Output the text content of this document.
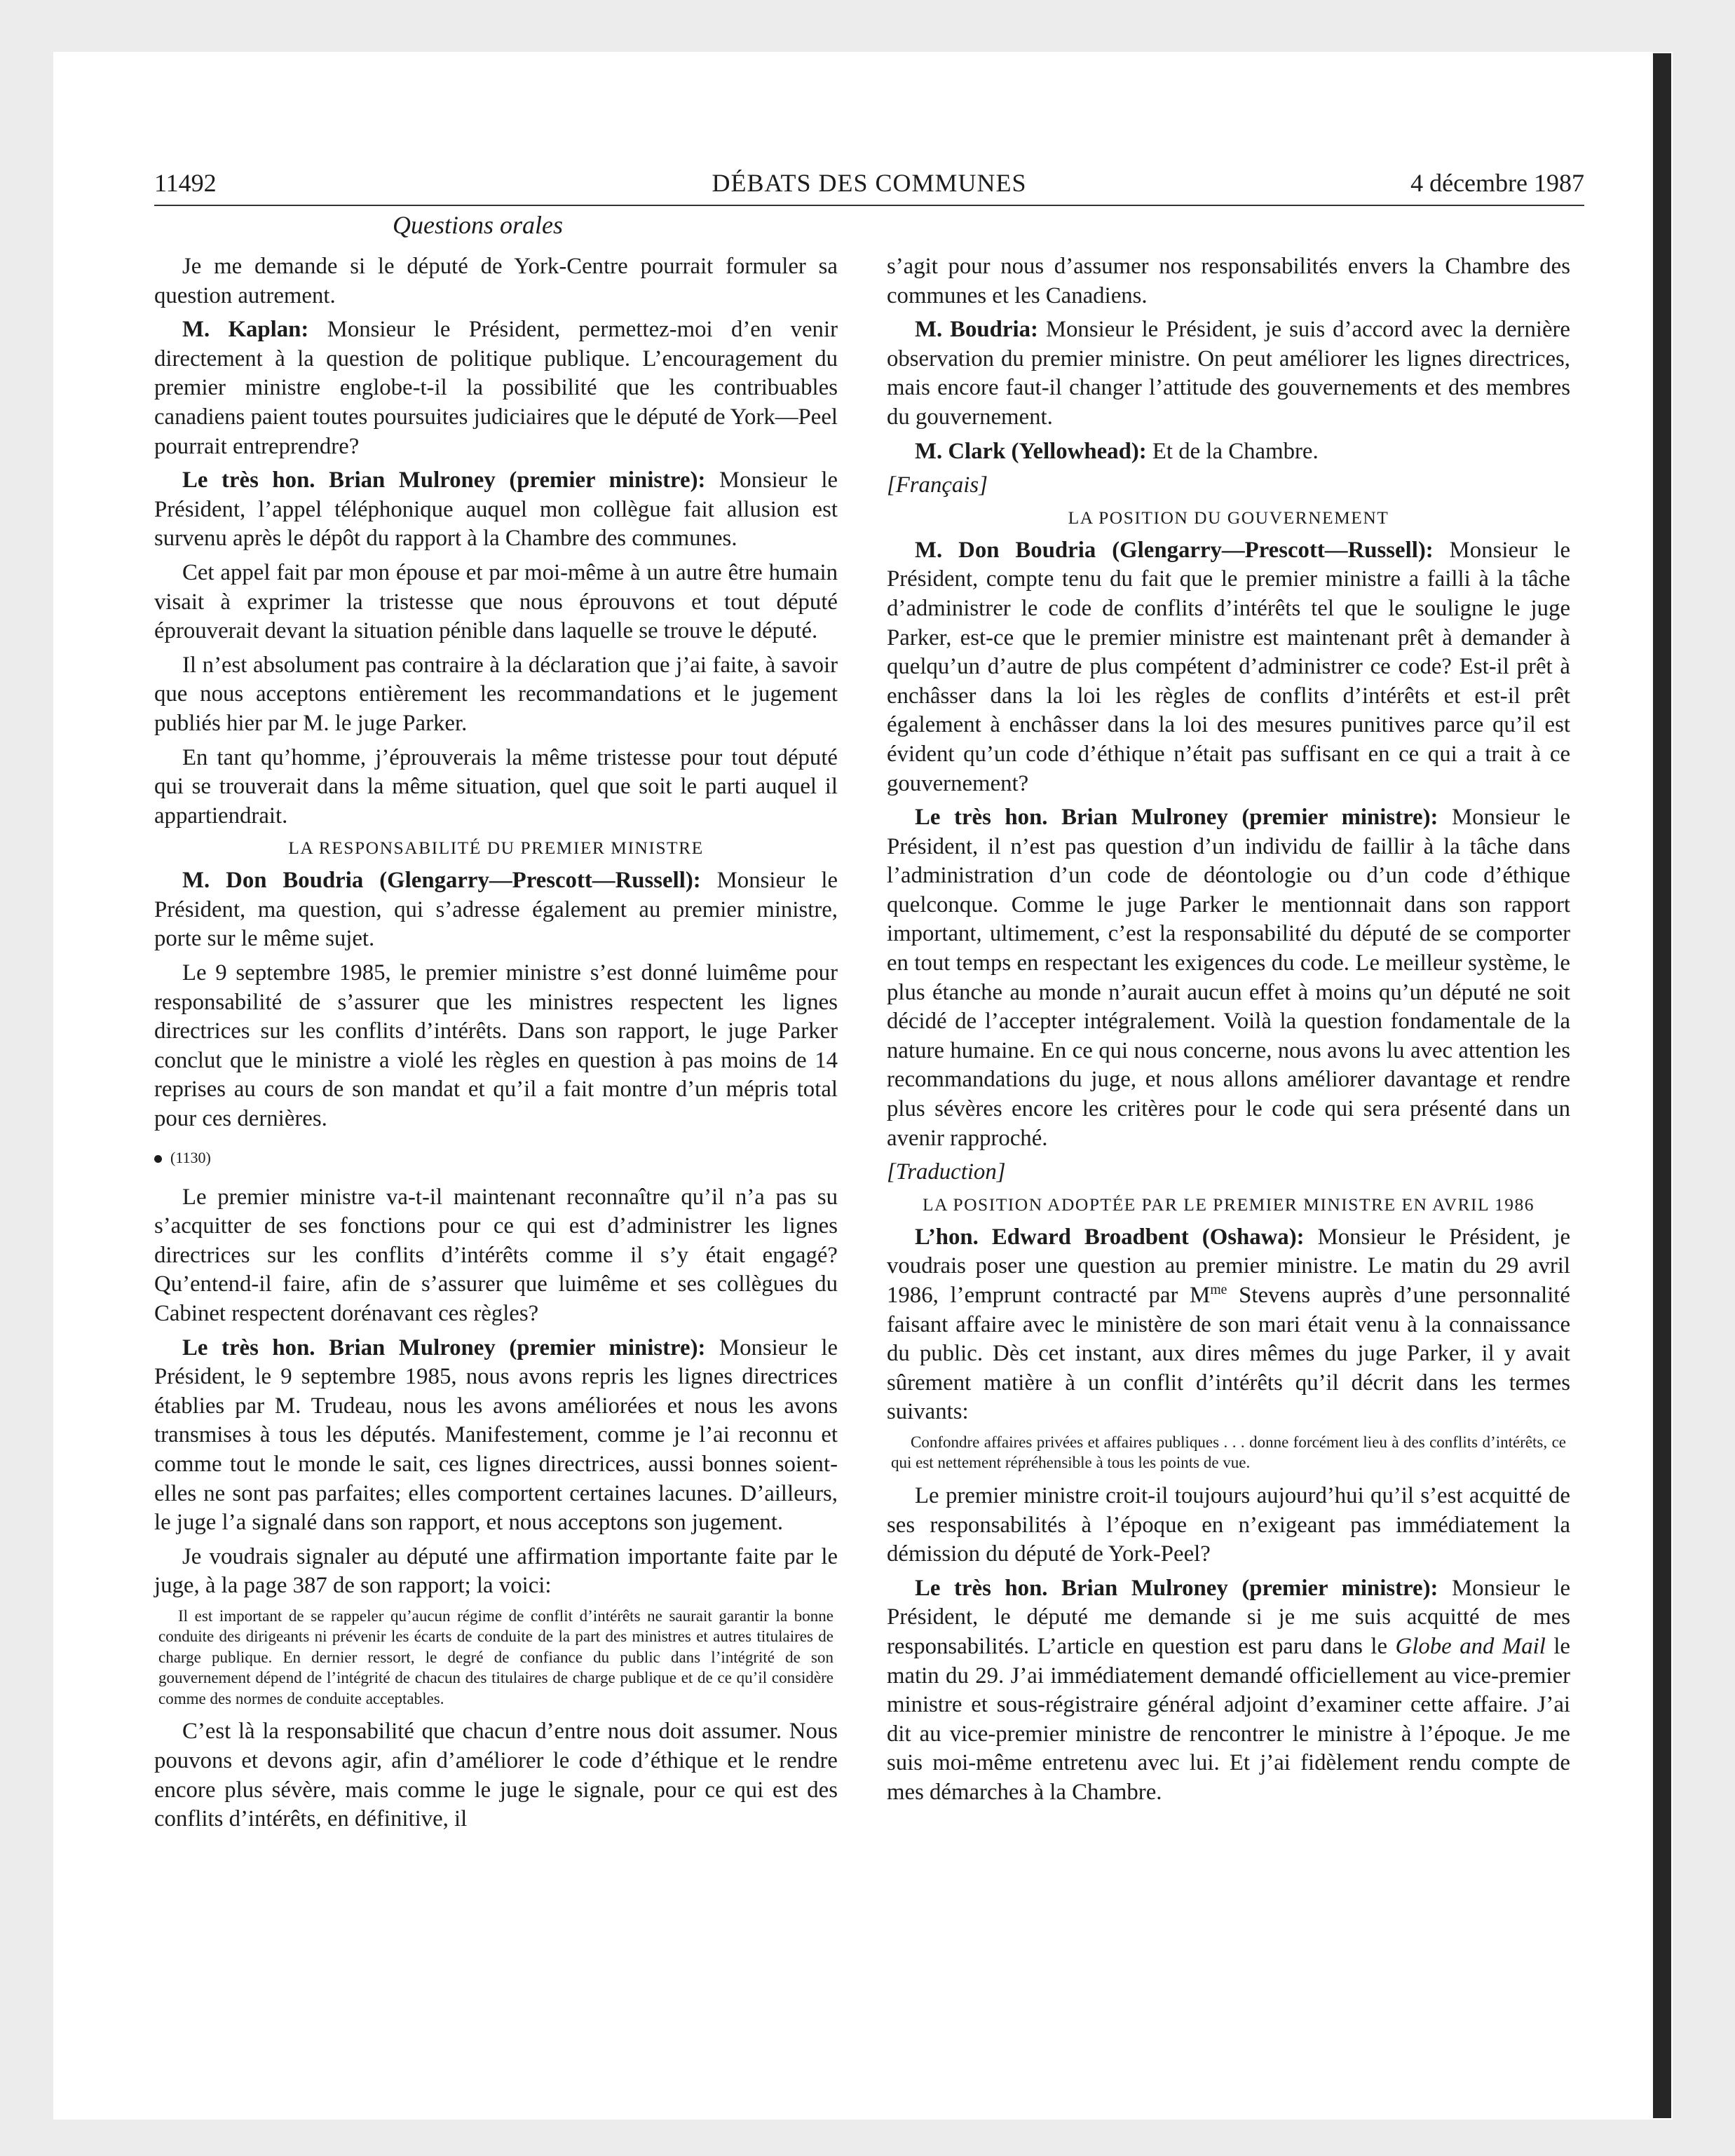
11492	DÉBATS DES COMMUNES	4 décembre 1987
Questions orales

Je me demande si le député de York-Centre pourrait formuler sa question autrement.

M. Kaplan: Monsieur le Président, permettez-moi d’en venir directement à la question de politique publique. L’encouragement du premier ministre englobe-t-il la possibilité que les contribuables canadiens paient toutes poursuites judiciaires que le député de York—Peel pourrait entreprendre?

Le très hon. Brian Mulroney (premier ministre): Monsieur le Président, l’appel téléphonique auquel mon collègue fait allusion est survenu après le dépôt du rapport à la Chambre des communes.

Cet appel fait par mon épouse et par moi-même à un autre être humain visait à exprimer la tristesse que nous éprouvons et tout député éprouverait devant la situation pénible dans laquelle se trouve le député.

Il n’est absolument pas contraire à la déclaration que j’ai faite, à savoir que nous acceptons entièrement les recommandations et le jugement publiés hier par M. le juge Parker.

En tant qu’homme, j’éprouverais la même tristesse pour tout député qui se trouverait dans la même situation, quel que soit le parti auquel il appartiendrait.

LA RESPONSABILITÉ DU PREMIER MINISTRE

M. Don Boudria (Glengarry—Prescott—Russell): Monsieur le Président, ma question, qui s’adresse également au premier ministre, porte sur le même sujet.

Le 9 septembre 1985, le premier ministre s’est donné luimême pour responsabilité de s’assurer que les ministres respectent les lignes directrices sur les conflits d’intérêts. Dans son rapport, le juge Parker conclut que le ministre a violé les règles en question à pas moins de 14 reprises au cours de son mandat et qu’il a fait montre d’un mépris total pour ces dernières.

(1130)

Le premier ministre va-t-il maintenant reconnaître qu’il n’a pas su s’acquitter de ses fonctions pour ce qui est d’administrer les lignes directrices sur les conflits d’intérêts comme il s’y était engagé? Qu’entend-il faire, afin de s’assurer que luimême et ses collègues du Cabinet respectent dorénavant ces règles?

Le très hon. Brian Mulroney (premier ministre): Monsieur le Président, le 9 septembre 1985, nous avons repris les lignes directrices établies par M. Trudeau, nous les avons améliorées et nous les avons transmises à tous les députés. Manifestement, comme je l’ai reconnu et comme tout le monde le sait, ces lignes directrices, aussi bonnes soient-elles ne sont pas parfaites; elles comportent certaines lacunes. D’ailleurs, le juge l’a signalé dans son rapport, et nous acceptons son jugement.

Je voudrais signaler au député une affirmation importante faite par le juge, à la page 387 de son rapport; la voici:

Il est important de se rappeler qu’aucun régime de conflit d’intérêts ne saurait garantir la bonne conduite des dirigeants ni prévenir les écarts de conduite de la part des ministres et autres titulaires de charge publique. En dernier ressort, le degré de confiance du public dans l’intégrité de son gouvernement dépend de l’intégrité de chacun des titulaires de charge publique et de ce qu’il considère comme des normes de conduite acceptables.

C’est là la responsabilité que chacun d’entre nous doit assumer. Nous pouvons et devons agir, afin d’améliorer le code d’éthique et le rendre encore plus sévère, mais comme le juge le signale, pour ce qui est des conflits d’intérêts, en définitive, il

s’agit pour nous d’assumer nos responsabilités envers la Chambre des communes et les Canadiens.

M. Boudria: Monsieur le Président, je suis d’accord avec la dernière observation du premier ministre. On peut améliorer les lignes directrices, mais encore faut-il changer l’attitude des gouvernements et des membres du gouvernement.

M. Clark (Yellowhead): Et de la Chambre.

[Français]
LA POSITION DU GOUVERNEMENT

M. Don Boudria (Glengarry—Prescott—Russell): Monsieur le Président, compte tenu du fait que le premier ministre a failli à la tâche d’administrer le code de conflits d’intérêts tel que le souligne le juge Parker, est-ce que le premier ministre est maintenant prêt à demander à quelqu’un d’autre de plus compétent d’administrer ce code? Est-il prêt à enchâsser dans la loi les règles de conflits d’intérêts et est-il prêt également à enchâsser dans la loi des mesures punitives parce qu’il est évident qu’un code d’éthique n’était pas suffisant en ce qui a trait à ce gouvernement?

Le très hon. Brian Mulroney (premier ministre): Monsieur le Président, il n’est pas question d’un individu de faillir à la tâche dans l’administration d’un code de déontologie ou d’un code d’éthique quelconque. Comme le juge Parker le mentionnait dans son rapport important, ultimement, c’est la responsabilité du député de se comporter en tout temps en respectant les exigences du code. Le meilleur système, le plus étanche au monde n’aurait aucun effet à moins qu’un député ne soit décidé de l’accepter intégralement. Voilà la question fondamentale de la nature humaine. En ce qui nous concerne, nous avons lu avec attention les recommandations du juge, et nous allons améliorer davantage et rendre plus sévères encore les critères pour le code qui sera présenté dans un avenir rapproché.

[Traduction]
LA POSITION ADOPTÉE PAR LE PREMIER MINISTRE EN AVRIL 1986

L’hon. Edward Broadbent (Oshawa): Monsieur le Président, je voudrais poser une question au premier ministre. Le matin du 29 avril 1986, l’emprunt contracté par $M^{me}$ Stevens auprès d’une personnalité faisant affaire avec le ministère de son mari était venu à la connaissance du public. Dès cet instant, aux dires mêmes du juge Parker, il y avait sûrement matière à un conflit d’intérêts qu’il décrit dans les termes suivants:

Confondre affaires privées et affaires publiques . . . donne forcément lieu à des conflits d’intérêts, ce qui est nettement répréhensible à tous les points de vue.

Le premier ministre croit-il toujours aujourd’hui qu’il s’est acquitté de ses responsabilités à l’époque en n’exigeant pas immédiatement la démission du député de York-Peel?

Le très hon. Brian Mulroney (premier ministre): Monsieur le Président, le député me demande si je me suis acquitté de mes responsabilités. L’article en question est paru dans le Globe and Mail le matin du 29. J’ai immédiatement demandé officiellement au vice-premier ministre et sous-régistraire général adjoint d’examiner cette affaire. J’ai dit au vice-premier ministre de rencontrer le ministre à l’époque. Je me suis moi-même entretenu avec lui. Et j’ai fidèlement rendu compte de mes démarches à la Chambre.
